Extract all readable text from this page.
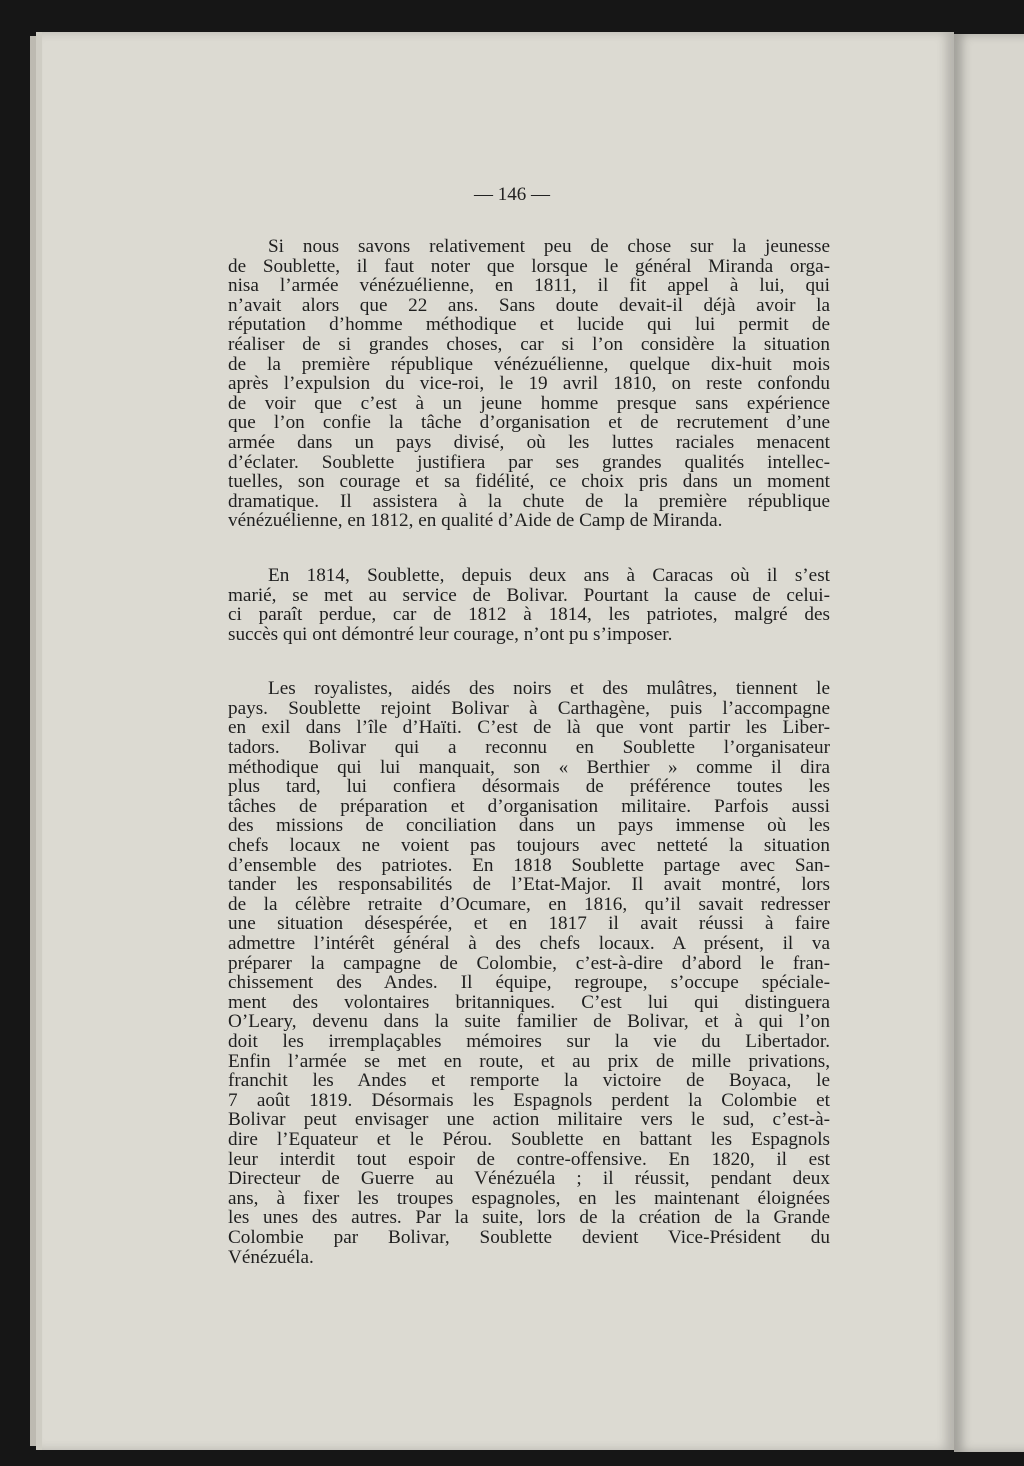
— 146 —
Si nous savons relativement peu de chose sur la jeunesse
de Soublette, il faut noter que lorsque le général Miranda orga-
nisa l’armée vénézuélienne, en 1811, il fit appel à lui, qui
n’avait alors que 22 ans. Sans doute devait-il déjà avoir la
réputation d’homme méthodique et lucide qui lui permit de
réaliser de si grandes choses, car si l’on considère la situation
de la première république vénézuélienne, quelque dix-huit mois
après l’expulsion du vice-roi, le 19 avril 1810, on reste confondu
de voir que c’est à un jeune homme presque sans expérience
que l’on confie la tâche d’organisation et de recrutement d’une
armée dans un pays divisé, où les luttes raciales menacent
d’éclater. Soublette justifiera par ses grandes qualités intellec-
tuelles, son courage et sa fidélité, ce choix pris dans un moment
dramatique. Il assistera à la chute de la première république
vénézuélienne, en 1812, en qualité d’Aide de Camp de Miranda.
En 1814, Soublette, depuis deux ans à Caracas où il s’est
marié, se met au service de Bolivar. Pourtant la cause de celui-
ci paraît perdue, car de 1812 à 1814, les patriotes, malgré des
succès qui ont démontré leur courage, n’ont pu s’imposer.
Les royalistes, aidés des noirs et des mulâtres, tiennent le
pays. Soublette rejoint Bolivar à Carthagène, puis l’accompagne
en exil dans l’île d’Haïti. C’est de là que vont partir les Liber-
tadors. Bolivar qui a reconnu en Soublette l’organisateur
méthodique qui lui manquait, son « Berthier » comme il dira
plus tard, lui confiera désormais de préférence toutes les
tâches de préparation et d’organisation militaire. Parfois aussi
des missions de conciliation dans un pays immense où les
chefs locaux ne voient pas toujours avec netteté la situation
d’ensemble des patriotes. En 1818 Soublette partage avec San-
tander les responsabilités de l’Etat-Major. Il avait montré, lors
de la célèbre retraite d’Ocumare, en 1816, qu’il savait redresser
une situation désespérée, et en 1817 il avait réussi à faire
admettre l’intérêt général à des chefs locaux. A présent, il va
préparer la campagne de Colombie, c’est-à-dire d’abord le fran-
chissement des Andes. Il équipe, regroupe, s’occupe spéciale-
ment des volontaires britanniques. C’est lui qui distinguera
O’Leary, devenu dans la suite familier de Bolivar, et à qui l’on
doit les irremplaçables mémoires sur la vie du Libertador.
Enfin l’armée se met en route, et au prix de mille privations,
franchit les Andes et remporte la victoire de Boyaca, le
7 août 1819. Désormais les Espagnols perdent la Colombie et
Bolivar peut envisager une action militaire vers le sud, c’est-à-
dire l’Equateur et le Pérou. Soublette en battant les Espagnols
leur interdit tout espoir de contre-offensive. En 1820, il est
Directeur de Guerre au Vénézuéla ; il réussit, pendant deux
ans, à fixer les troupes espagnoles, en les maintenant éloignées
les unes des autres. Par la suite, lors de la création de la Grande
Colombie par Bolivar, Soublette devient Vice-Président du
Vénézuéla.
